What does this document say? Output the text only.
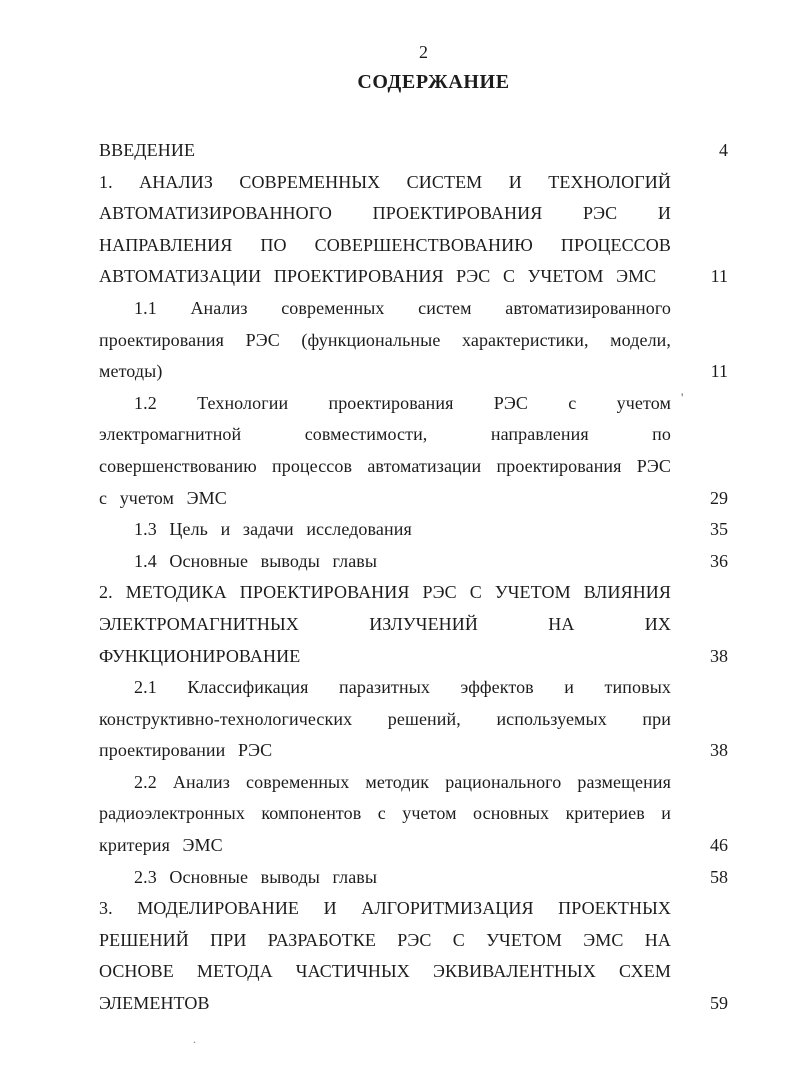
2
СОДЕРЖАНИЕ
ВВЕДЕНИЕ	4
1. АНАЛИЗ СОВРЕМЕННЫХ СИСТЕМ И ТЕХНОЛОГИЙ АВТОМАТИЗИРОВАННОГО ПРОЕКТИРОВАНИЯ РЭС И НАПРАВЛЕНИЯ ПО СОВЕРШЕНСТВОВАНИЮ ПРОЦЕССОВ АВТОМАТИЗАЦИИ ПРОЕКТИРОВАНИЯ РЭС С УЧЕТОМ ЭМС	11
1.1 Анализ современных систем автоматизированного проектирования РЭС (функциональные характеристики, модели, методы)	11
1.2 Технологии проектирования РЭС с учетом электромагнитной совместимости, направления по совершенствованию процессов автоматизации проектирования РЭС с учетом ЭМС	29
1.3 Цель и задачи исследования	35
1.4 Основные выводы главы	36
2. МЕТОДИКА ПРОЕКТИРОВАНИЯ РЭС С УЧЕТОМ ВЛИЯНИЯ ЭЛЕКТРОМАГНИТНЫХ ИЗЛУЧЕНИЙ НА ИХ ФУНКЦИОНИРОВАНИЕ	38
2.1 Классификация паразитных эффектов и типовых конструктивно-технологических решений, используемых при проектировании РЭС	38
2.2 Анализ современных методик рационального размещения радиоэлектронных компонентов с учетом основных критериев и критерия ЭМС	46
2.3 Основные выводы главы	58
3. МОДЕЛИРОВАНИЕ И АЛГОРИТМИЗАЦИЯ ПРОЕКТНЫХ РЕШЕНИЙ ПРИ РАЗРАБОТКЕ РЭС С УЧЕТОМ ЭМС НА ОСНОВЕ МЕТОДА ЧАСТИЧНЫХ ЭКВИВАЛЕНТНЫХ СХЕМ ЭЛЕМЕНТОВ	59
'
.
